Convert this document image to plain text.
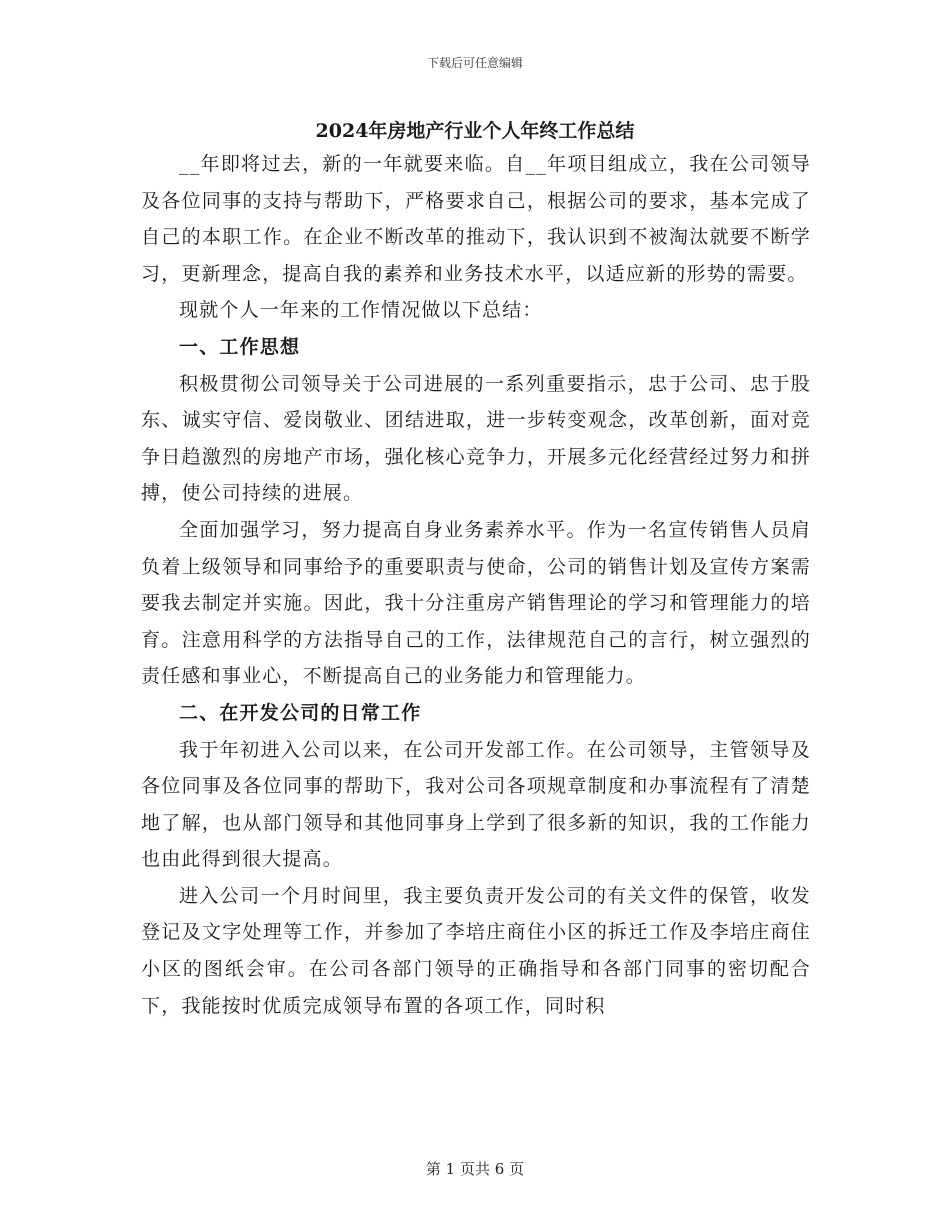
下载后可任意编辑
2024年房地产行业个人年终工作总结

__年即将过去，新的一年就要来临。自__年项目组成立，我在公司领导及各位同事的支持与帮助下，严格要求自己，根据公司的要求，基本完成了自己的本职工作。在企业不断改革的推动下，我认识到不被淘汰就要不断学习，更新理念，提高自我的素养和业务技术水平，以适应新的形势的需要。

现就个人一年来的工作情况做以下总结：

一、工作思想

积极贯彻公司领导关于公司进展的一系列重要指示，忠于公司、忠于股东、诚实守信、爱岗敬业、团结进取，进一步转变观念，改革创新，面对竞争日趋激烈的房地产市场，强化核心竞争力，开展多元化经营经过努力和拼搏，使公司持续的进展。

全面加强学习，努力提高自身业务素养水平。作为一名宣传销售人员肩负着上级领导和同事给予的重要职责与使命，公司的销售计划及宣传方案需要我去制定并实施。因此，我十分注重房产销售理论的学习和管理能力的培育。注意用科学的方法指导自己的工作，法律规范自己的言行，树立强烈的责任感和事业心，不断提高自己的业务能力和管理能力。

二、在开发公司的日常工作

我于年初进入公司以来，在公司开发部工作。在公司领导，主管领导及各位同事及各位同事的帮助下，我对公司各项规章制度和办事流程有了清楚地了解，也从部门领导和其他同事身上学到了很多新的知识，我的工作能力也由此得到很大提高。

进入公司一个月时间里，我主要负责开发公司的有关文件的保管，收发登记及文字处理等工作，并参加了李培庄商住小区的拆迁工作及李培庄商住小区的图纸会审。在公司各部门领导的正确指导和各部门同事的密切配合下，我能按时优质完成领导布置的各项工作，同时积

第 1 页共 6 页
